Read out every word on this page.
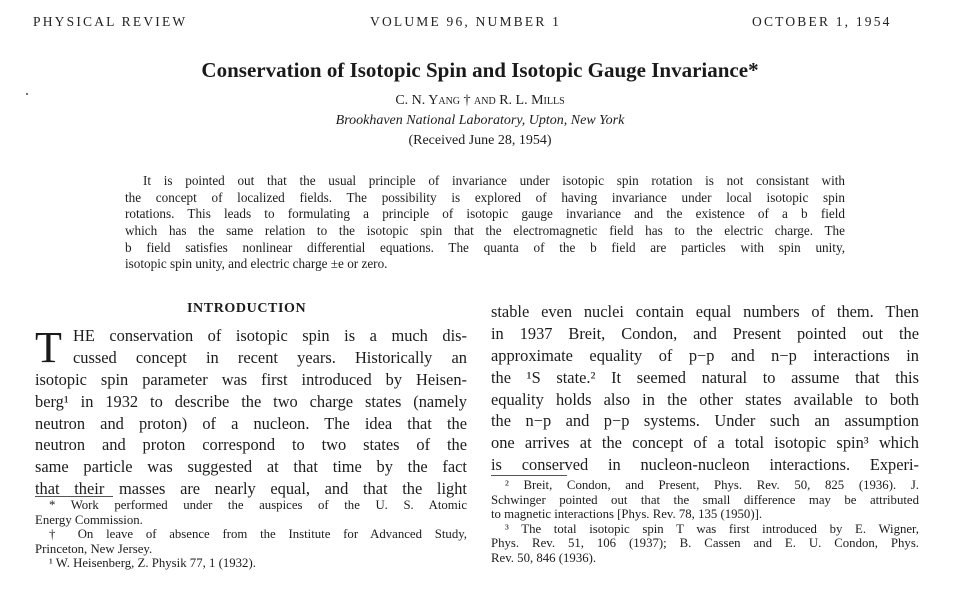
PHYSICAL REVIEW	VOLUME 96, NUMBER 1	OCTOBER 1, 1954
Conservation of Isotopic Spin and Isotopic Gauge Invariance*
C. N. Yang † and R. L. Mills
Brookhaven National Laboratory, Upton, New York
(Received June 28, 1954)
It is pointed out that the usual principle of invariance under isotopic spin rotation is not consistant with
the concept of localized fields. The possibility is explored of having invariance under local isotopic spin
rotations. This leads to formulating a principle of isotopic gauge invariance and the existence of a b field
which has the same relation to the isotopic spin that the electromagnetic field has to the electric charge. The
b field satisfies nonlinear differential equations. The quanta of the b field are particles with spin unity,
isotopic spin unity, and electric charge ±e or zero.
INTRODUCTION
T HE conservation of isotopic spin is a much dis-
cussed concept in recent years. Historically an
isotopic spin parameter was first introduced by Heisen-
berg¹ in 1932 to describe the two charge states (namely
neutron and proton) of a nucleon. The idea that the
neutron and proton correspond to two states of the
same particle was suggested at that time by the fact
that their masses are nearly equal, and that the light
stable even nuclei contain equal numbers of them. Then
in 1937 Breit, Condon, and Present pointed out the
approximate equality of p−p and n−p interactions in
the ¹S state.² It seemed natural to assume that this
equality holds also in the other states available to both
the n−p and p−p systems. Under such an assumption
one arrives at the concept of a total isotopic spin³ which
is conserved in nucleon-nucleon interactions. Experi-
* Work performed under the auspices of the U. S. Atomic
Energy Commission.
† On leave of absence from the Institute for Advanced Study,
Princeton, New Jersey.
¹ W. Heisenberg, Z. Physik 77, 1 (1932).
² Breit, Condon, and Present, Phys. Rev. 50, 825 (1936). J.
Schwinger pointed out that the small difference may be attributed
to magnetic interactions [Phys. Rev. 78, 135 (1950)].
³ The total isotopic spin T was first introduced by E. Wigner,
Phys. Rev. 51, 106 (1937); B. Cassen and E. U. Condon, Phys.
Rev. 50, 846 (1936).
